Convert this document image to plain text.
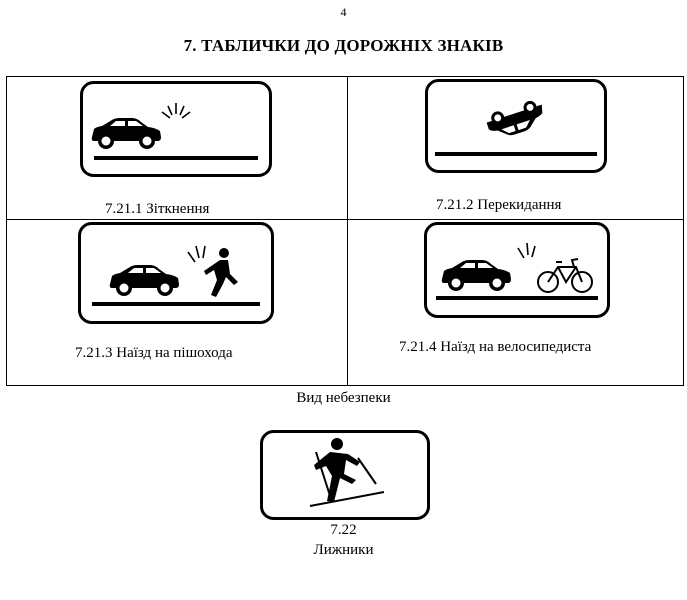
4
7. ТАБЛИЧКИ ДО ДОРОЖНІХ ЗНАКІВ
7.21.1 Зіткнення	7.21.2 Перекидання
7.21.3 Наїзд на пішохода	7.21.4 Наїзд на велосипедиста
Вид небезпеки
7.22
Лижники
